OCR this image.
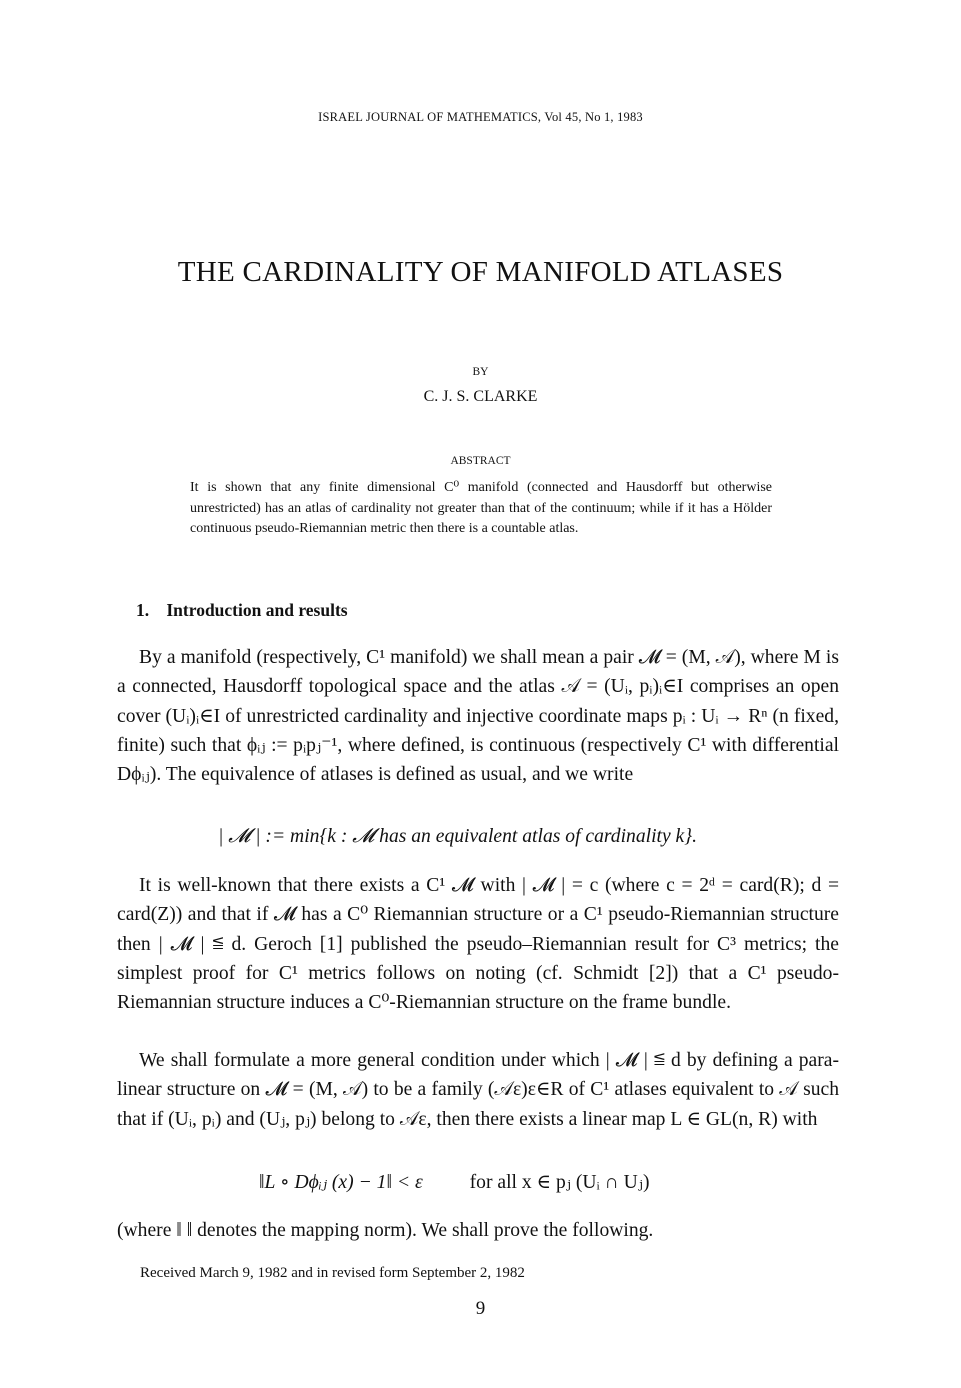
ISRAEL JOURNAL OF MATHEMATICS, Vol 45, No 1, 1983
THE CARDINALITY OF MANIFOLD ATLASES
BY
C. J. S. CLARKE
ABSTRACT
It is shown that any finite dimensional C⁰ manifold (connected and Hausdorff but otherwise unrestricted) has an atlas of cardinality not greater than that of the continuum; while if it has a Hölder continuous pseudo-Riemannian metric then there is a countable atlas.
1. Introduction and results
By a manifold (respectively, C¹ manifold) we shall mean a pair 𝓜 = (M, 𝒜), where M is a connected, Hausdorff topological space and the atlas 𝒜 = (Uᵢ, pᵢ)ᵢ∈I comprises an open cover (Uᵢ)ᵢ∈I of unrestricted cardinality and injective coordinate maps pᵢ : Uᵢ → Rⁿ (n fixed, finite) such that ϕᵢⱼ := pᵢpⱼ⁻¹, where defined, is continuous (respectively C¹ with differential Dϕᵢⱼ). The equivalence of atlases is defined as usual, and we write
| 𝓜 | := min{k : 𝓜 has an equivalent atlas of cardinality k}.
It is well-known that there exists a C¹ 𝓜 with | 𝓜 | = c (where c = 2ᵈ = card(R); d = card(Z)) and that if 𝓜 has a C⁰ Riemannian structure or a C¹ pseudo-Riemannian structure then | 𝓜 | ≦ d. Geroch [1] published the pseudo–Riemannian result for C³ metrics; the simplest proof for C¹ metrics follows on noting (cf. Schmidt [2]) that a C¹ pseudo-Riemannian structure induces a C⁰-Riemannian structure on the frame bundle.
We shall formulate a more general condition under which | 𝓜 | ≦ d by defining a para-linear structure on 𝓜 = (M, 𝒜) to be a family (𝒜ε)ε∈R of C¹ atlases equivalent to 𝒜 such that if (Uᵢ, pᵢ) and (Uⱼ, pⱼ) belong to 𝒜ε, then there exists a linear map L ∈ GL(n, R) with
‖L ∘ Dϕᵢⱼ (x) − 1‖ < ε for all x ∈ pⱼ (Uᵢ ∩ Uⱼ)
(where ‖ ‖ denotes the mapping norm). We shall prove the following.
Received March 9, 1982 and in revised form September 2, 1982
9
